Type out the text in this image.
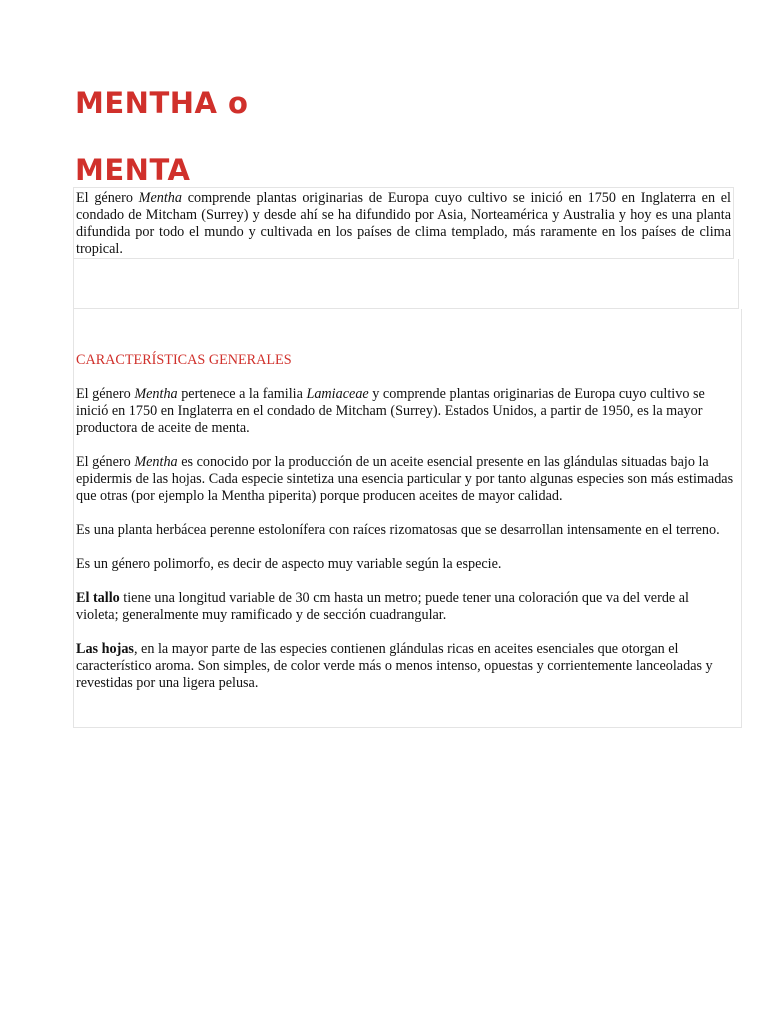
MENTHA o
MENTA
El género Mentha comprende plantas originarias de Europa cuyo cultivo se inició en 1750 en Inglaterra en el condado de Mitcham (Surrey) y desde ahí se ha difundido por Asia, Norteamérica y Australia y hoy es una planta difundida por todo el mundo y cultivada en los países de clima templado, más raramente en los países de clima tropical.
CARACTERÍSTICAS GENERALES

El género Mentha pertenece a la familia Lamiaceae y comprende plantas originarias de Europa cuyo cultivo se inició en 1750 en Inglaterra en el condado de Mitcham (Surrey). Estados Unidos, a partir de 1950, es la mayor productora de aceite de menta.

El género Mentha es conocido por la producción de un aceite esencial presente en las glándulas situadas bajo la epidermis de las hojas. Cada especie sintetiza una esencia particular y por tanto algunas especies son más estimadas que otras (por ejemplo la Mentha piperita) porque producen aceites de mayor calidad.

Es una planta herbácea perenne estolonífera con raíces rizomatosas que se desarrollan intensamente en el terreno.

Es un género polimorfo, es decir de aspecto muy variable según la especie.

El tallo tiene una longitud variable de 30 cm hasta un metro; puede tener una coloración que va del verde al violeta; generalmente muy ramificado y de sección cuadrangular.

Las hojas, en la mayor parte de las especies contienen glándulas ricas en aceites esenciales que otorgan el característico aroma. Son simples, de color verde más o menos intenso, opuestas y corrientemente lanceoladas y revestidas por una ligera pelusa.
